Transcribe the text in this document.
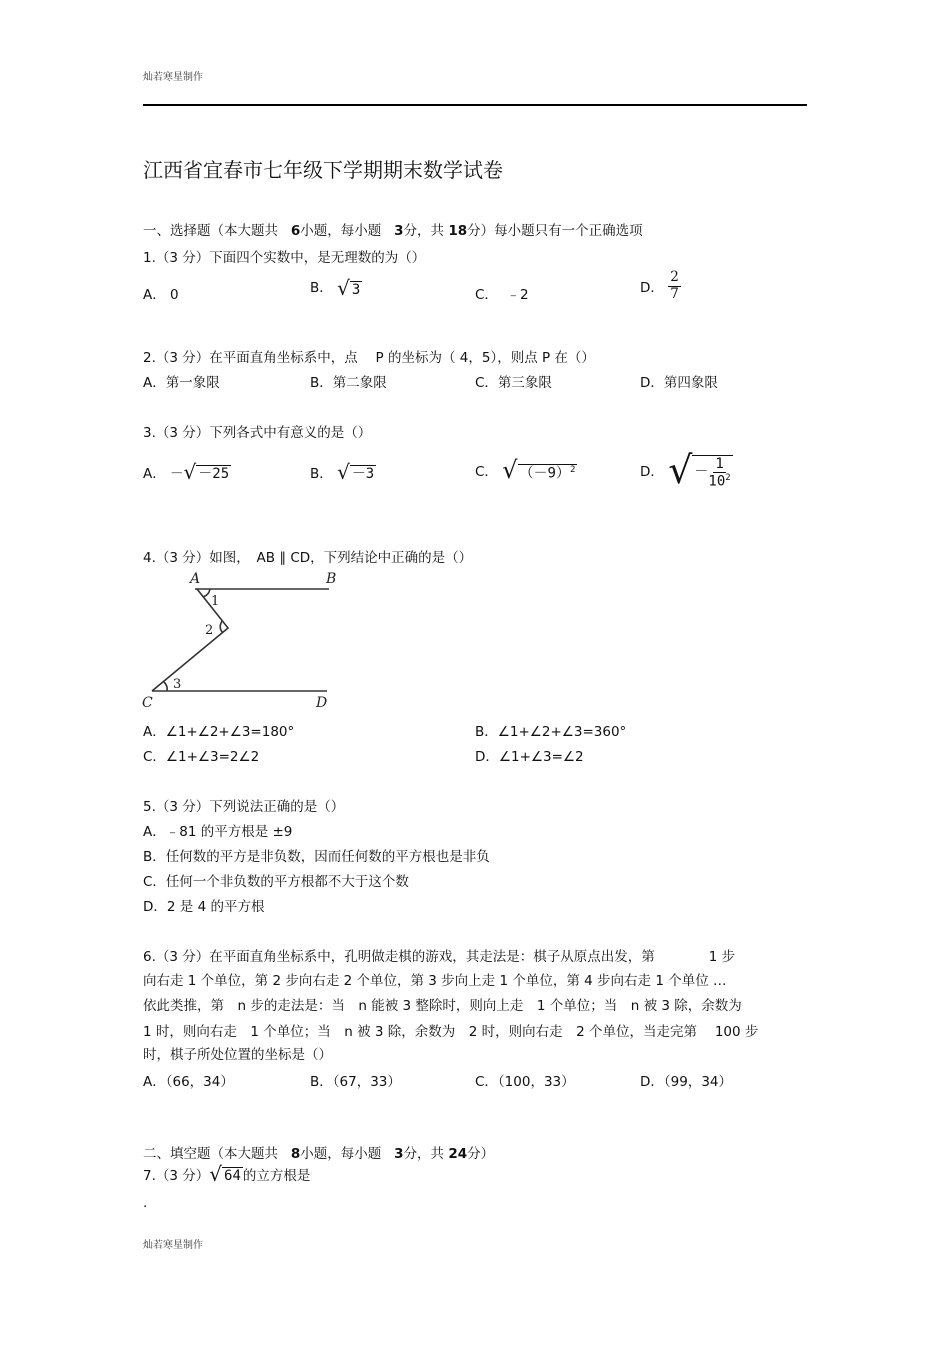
灿若寒星制作
江西省宜春市七年级下学期期末数学试卷
一、选择题（本大题共 6小题，每小题 3分，共 18分）每小题只有一个正确选项
1.（3 分）下面四个实数中，是无理数的为（）
A． 0	B． √ 3	C． ﹣2	D． $\frac{2}{7}$
2.（3 分）在平面直角坐标系中，点　 P 的坐标为（ 4，5），则点 P 在（）
A．第一象限	B．第二象限	C．第三象限	D．第四象限
3.（3 分）下列各式中有意义的是（）
A． － √ －25	B． √ －3	C． √ $(-9)^2$	D． √ － $\frac{1}{10^2}$
4.（3 分）如图，　AB ∥ CD，下列结论中正确的是（）
A	B
C	D
1
2
3
A．∠1+∠2+∠3=180°	B．∠1+∠2+∠3=360°
C．∠1+∠3=2∠2	D．∠1+∠3=∠2
5.（3 分）下列说法正确的是（）
A．﹣81 的平方根是 ±9
B．任何数的平方是非负数，因而任何数的平方根也是非负
C．任何一个非负数的平方根都不大于这个数
D．2 是 4 的平方根
6.（3 分）在平面直角坐标系中，孔明做走棋的游戏，其走法是：棋子从原点出发，第　　　　1 步
向右走 1 个单位，第 2 步向右走 2 个单位，第 3 步向上走 1 个单位，第 4 步向右走 1 个单位 …
依此类推，第　n 步的走法是：当　n 能被 3 整除时，则向上走　1 个单位；当　n 被 3 除，余数为
1 时，则向右走　1 个单位；当　n 被 3 除，余数为　2 时，则向右走　2 个单位，当走完第　 100 步
时，棋子所处位置的坐标是（）
A．（66，34）	B．（67，33）	C．（100，33）	D．（99，34）
二、填空题（本大题共 8小题，每小题 3分，共 24分）
7.（3 分） √ 64 的立方根是
.
灿若寒星制作
